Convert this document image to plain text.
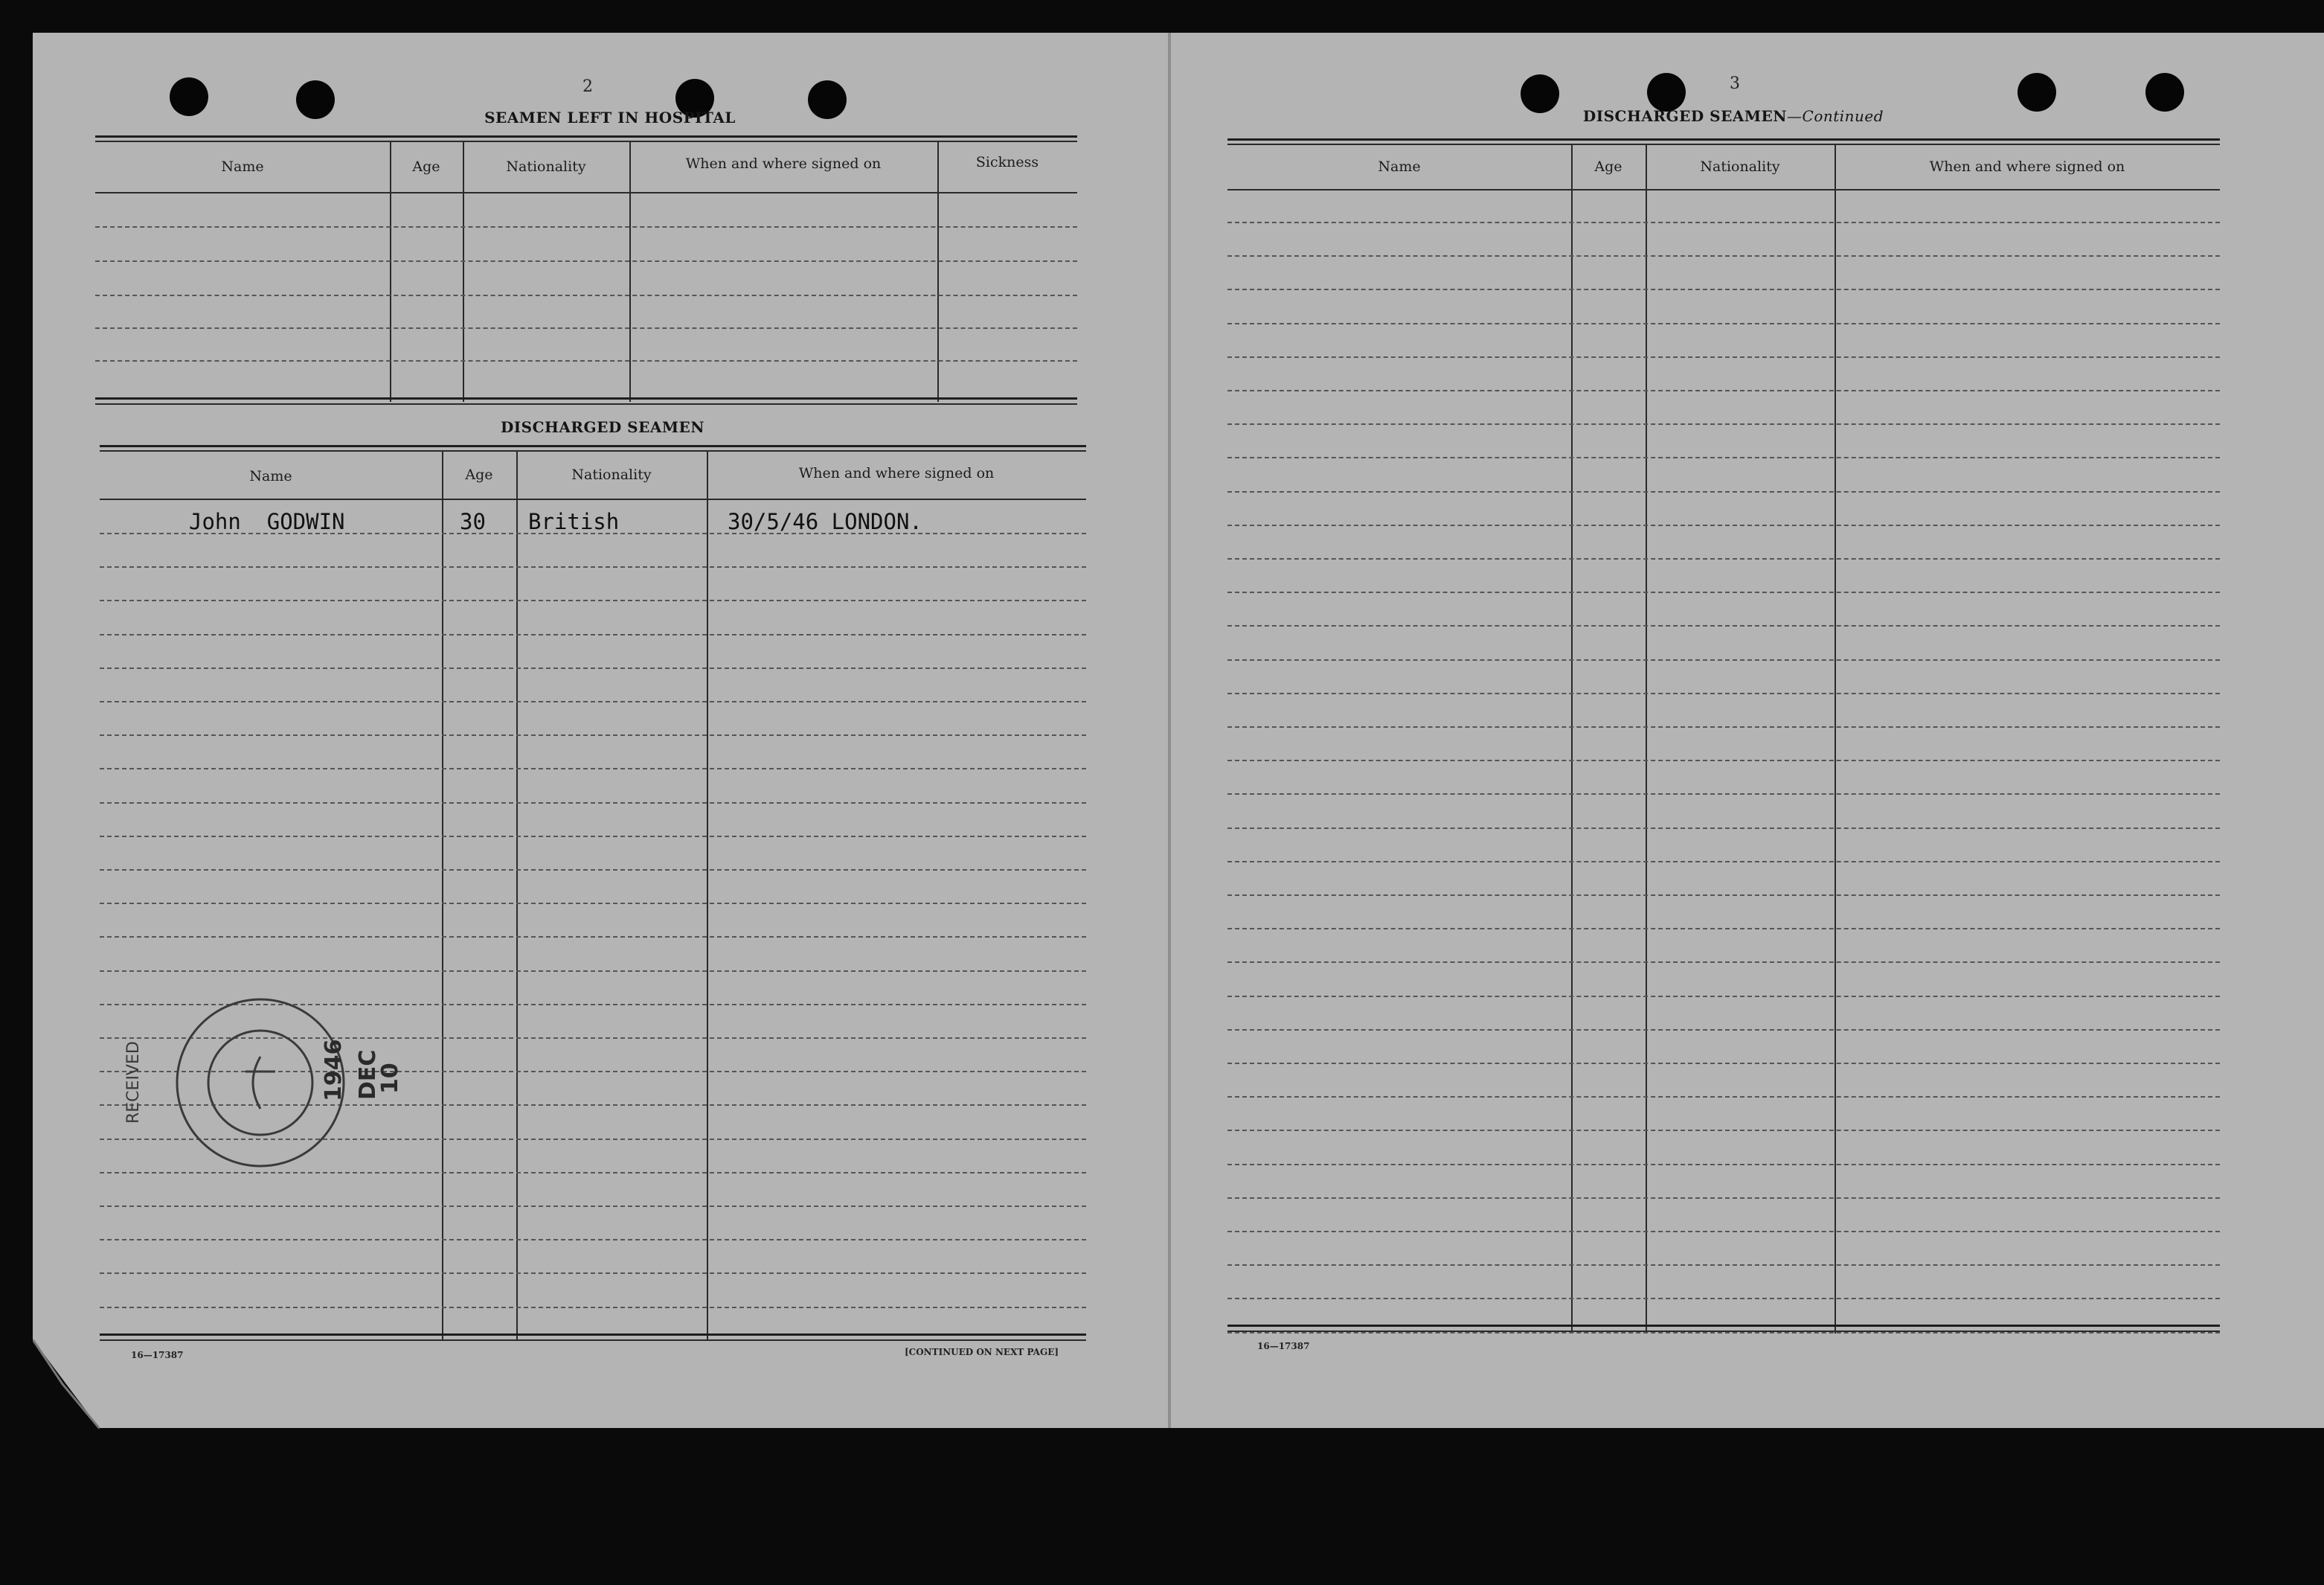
2
SEAMEN LEFT IN HOSPITAL
Name	Age	Nationality	When and where signed on	Sickness
DISCHARGED SEAMEN
Name	Age	Nationality	When and where signed on
John  GODWIN	30 British	30/5/46 LONDON.
16—17387	[CONTINUED ON NEXT PAGE]
RECEIVED	1946 DEC
10
3
DISCHARGED SEAMEN—Continued
Name	Age	Nationality	When and where signed on
16—17387
